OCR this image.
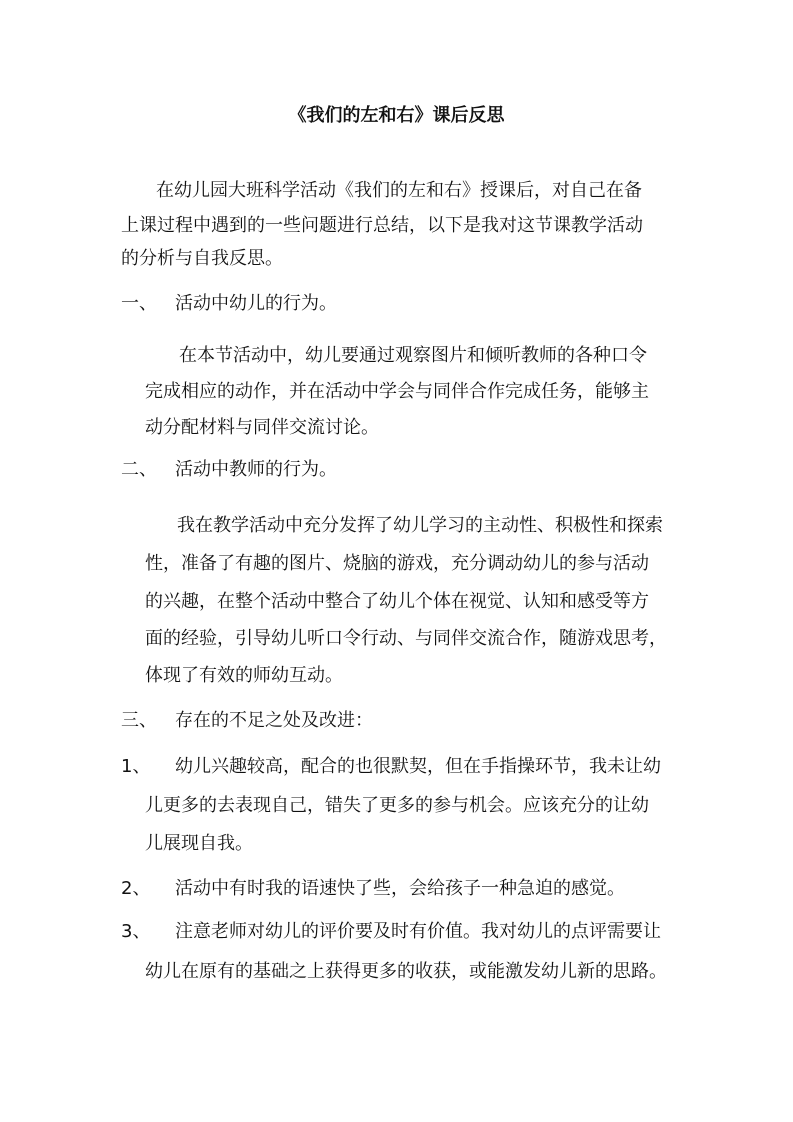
《我们的左和右》课后反思
在幼儿园大班科学活动《我们的左和右》授课后，对自己在备
上课过程中遇到的一些问题进行总结，以下是我对这节课教学活动
的分析与自我反思。
一、 活动中幼儿的行为。
在本节活动中，幼儿要通过观察图片和倾听教师的各种口令
完成相应的动作，并在活动中学会与同伴合作完成任务，能够主
动分配材料与同伴交流讨论。
二、 活动中教师的行为。
我在教学活动中充分发挥了幼儿学习的主动性、积极性和探索
性，准备了有趣的图片、烧脑的游戏，充分调动幼儿的参与活动
的兴趣，在整个活动中整合了幼儿个体在视觉、认知和感受等方
面的经验，引导幼儿听口令行动、与同伴交流合作，随游戏思考，
体现了有效的师幼互动。
三、 存在的不足之处及改进：
1、 幼儿兴趣较高，配合的也很默契，但在手指操环节，我未让幼
儿更多的去表现自己，错失了更多的参与机会。应该充分的让幼
儿展现自我。
2、 活动中有时我的语速快了些，会给孩子一种急迫的感觉。
3、 注意老师对幼儿的评价要及时有价值。我对幼儿的点评需要让
幼儿在原有的基础之上获得更多的收获，或能激发幼儿新的思路。
